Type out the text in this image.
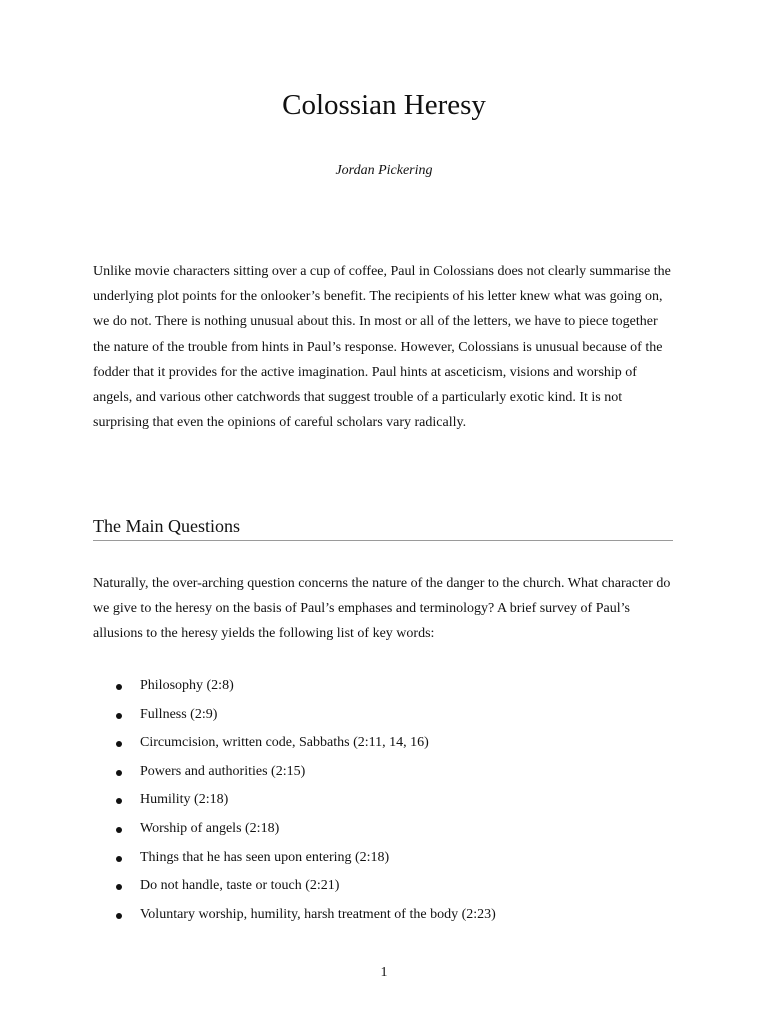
Colossian Heresy
Jordan Pickering

Unlike movie characters sitting over a cup of coffee, Paul in Colossians does not clearly summarise the underlying plot points for the onlooker’s benefit. The recipients of his letter knew what was going on, we do not. There is nothing unusual about this. In most or all of the letters, we have to piece together the nature of the trouble from hints in Paul’s response. However, Colossians is unusual because of the fodder that it provides for the active imagination. Paul hints at asceticism, visions and worship of angels, and various other catchwords that suggest trouble of a particularly exotic kind. It is not surprising that even the opinions of careful scholars vary radically.

The Main Questions

Naturally, the over-arching question concerns the nature of the danger to the church. What character do we give to the heresy on the basis of Paul’s emphases and terminology? A brief survey of Paul’s allusions to the heresy yields the following list of key words:

Philosophy (2:8)
Fullness (2:9)
Circumcision, written code, Sabbaths (2:11, 14, 16)
Powers and authorities (2:15)
Humility (2:18)
Worship of angels (2:18)
Things that he has seen upon entering (2:18)
Do not handle, taste or touch (2:21)
Voluntary worship, humility, harsh treatment of the body (2:23)
1
